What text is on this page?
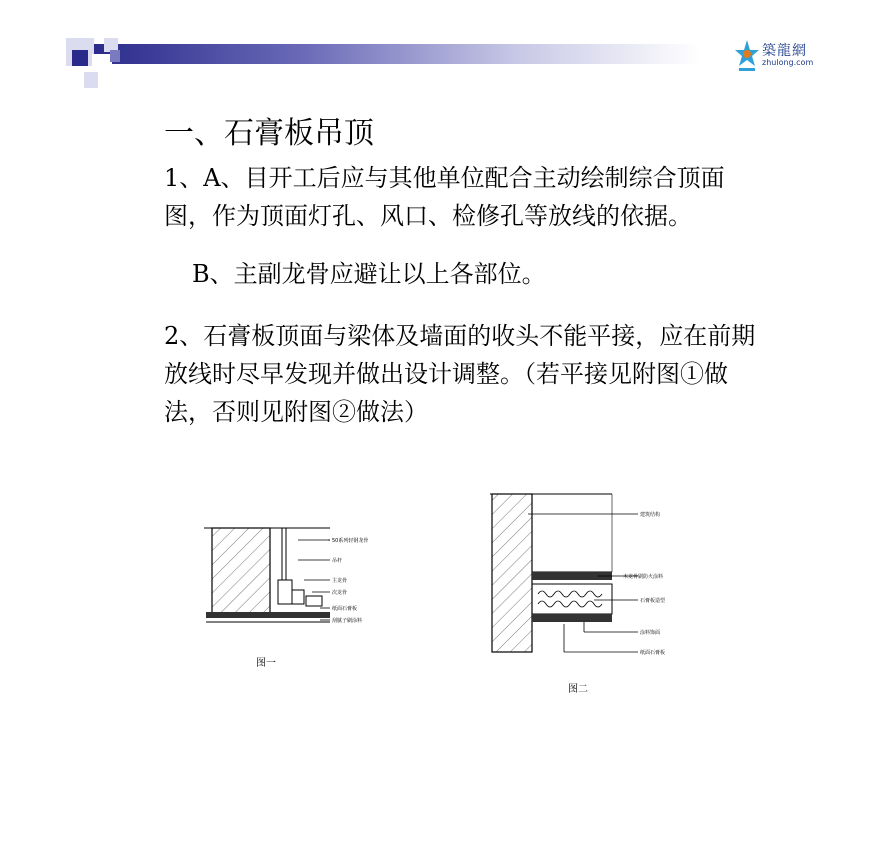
築龍網
zhulong.com
一、石膏板吊顶
1、A、目开工后应与其他单位配合主动绘制综合顶面
图，作为顶面灯孔、风口、检修孔等放线的依据。
B、主副龙骨应避让以上各部位。
2、石膏板顶面与梁体及墙面的收头不能平接，应在前期
放线时尽早发现并做出设计调整。（若平接见附图①做
法，否则见附图②做法）
50系列轻钢龙骨
吊杆
主龙骨
次龙骨
纸面石膏板
刮腻子刷涂料
图一
建筑结构
木龙骨刷防火涂料
石膏板造型
涂料饰面
纸面石膏板
图二
